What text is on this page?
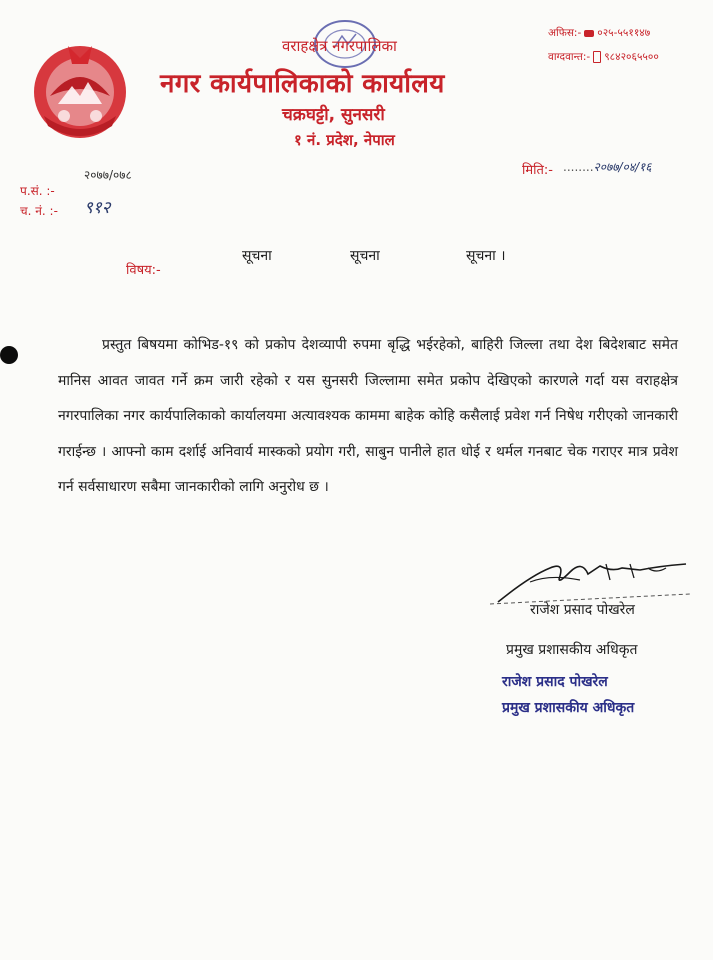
वराहक्षेत्र नगरपालिका
नगर कार्यपालिकाको कार्यालय
चक्रघट्टी, सुनसरी
१ नं. प्रदेश, नेपाल
अफिस:- ०२५-५५११४७
वाग्दवान्त:- ९८४२०६५५००
मिति:- ........२०७७/०४/१६
२०७७/०७८
प.सं. :-
च. नं. :- ९१२
विषय:-
सूचना	सूचना	सूचना ।
प्रस्तुत बिषयमा कोभिड-१९ को प्रकोप देशव्यापी रुपमा बृद्धि भईरहेको, बाहिरी जिल्ला तथा देश बिदेशबाट समेत मानिस आवत जावत गर्ने क्रम जारी रहेको र यस सुनसरी जिल्लामा समेत प्रकोप देखिएको कारणले गर्दा यस वराहक्षेत्र नगरपालिका नगर कार्यपालिकाको कार्यालयमा अत्यावश्यक काममा बाहेक कोहि कसैलाई प्रवेश गर्न निषेध गरीएको जानकारी गराईन्छ । आफ्नो काम दर्शाई अनिवार्य मास्कको प्रयोग गरी, साबुन पानीले हात धोई र थर्मल गनबाट चेक गराएर मात्र प्रवेश गर्न सर्वसाधारण सबैमा जानकारीको लागि अनुरोध छ ।
राजेश प्रसाद पोखरेल
प्रमुख प्रशासकीय अधिकृत
राजेश प्रसाद पोखरेल
प्रमुख प्रशासकीय अधिकृत
